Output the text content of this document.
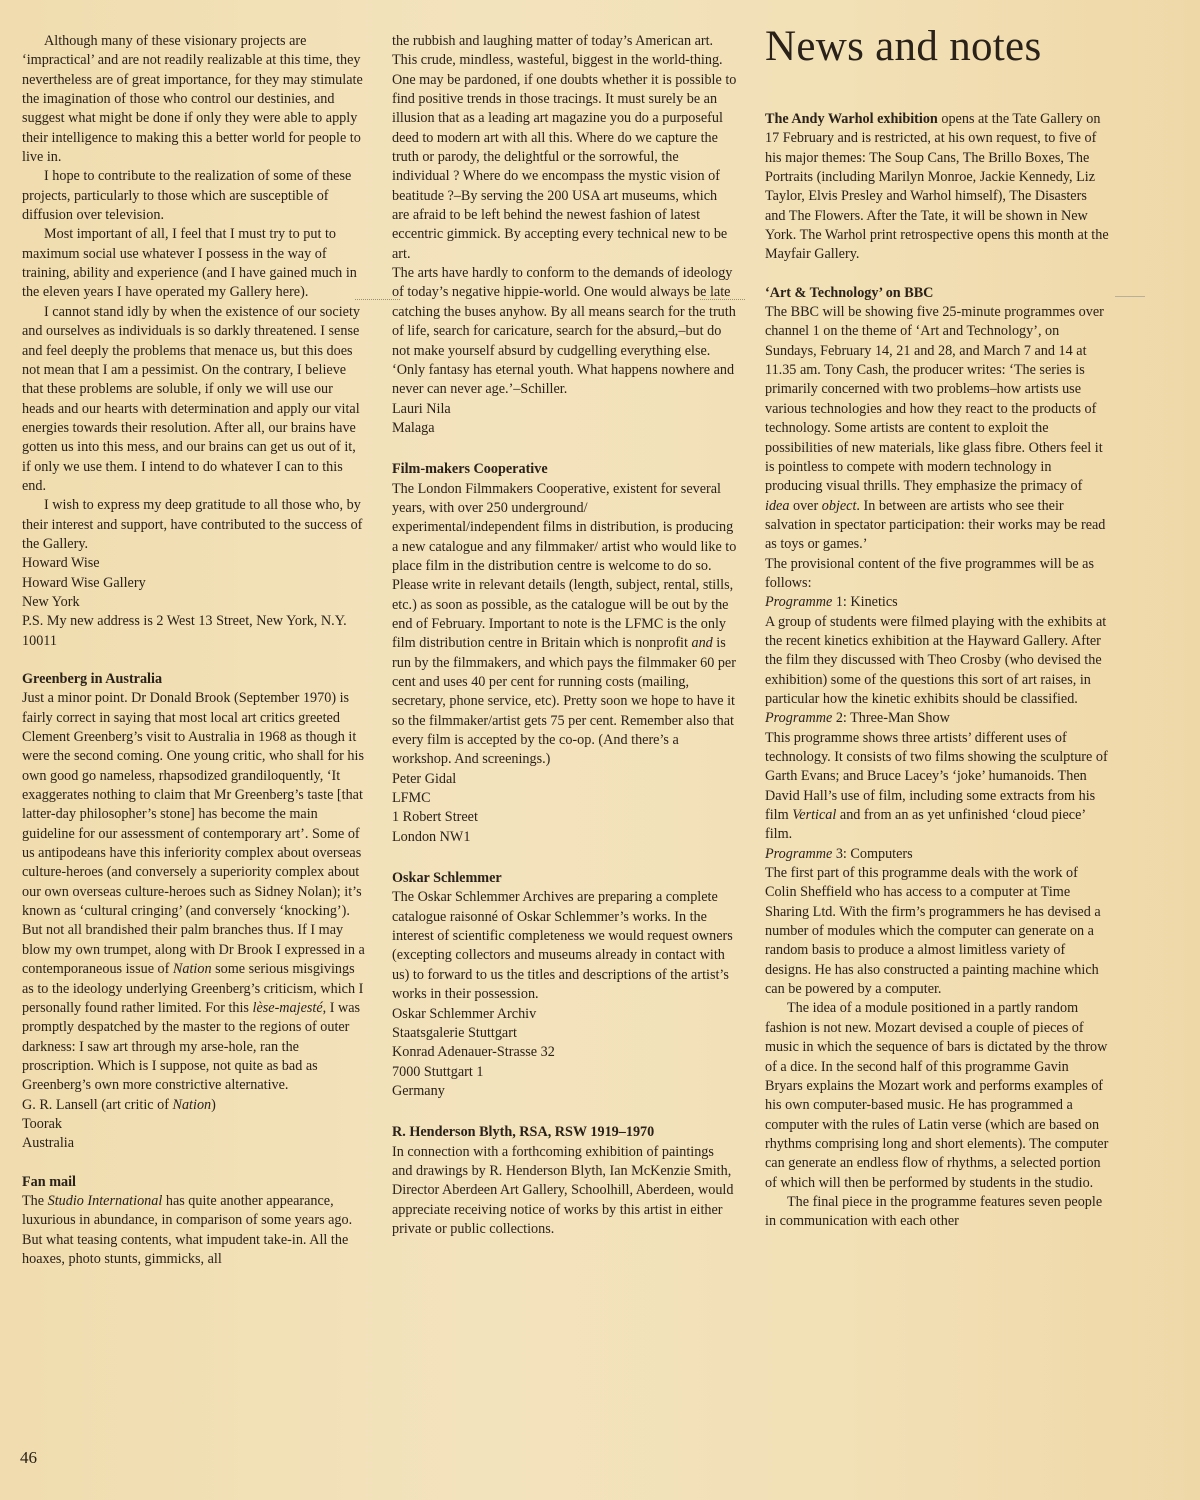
Although many of these visionary projects are ‘impractical’ and are not readily realizable at this time, they nevertheless are of great importance, for they may stimulate the imagination of those who control our destinies, and suggest what might be done if only they were able to apply their intelligence to making this a better world for people to live in.

I hope to contribute to the realization of some of these projects, particularly to those which are susceptible of diffusion over television.

Most important of all, I feel that I must try to put to maximum social use whatever I possess in the way of training, ability and experience (and I have gained much in the eleven years I have operated my Gallery here).

I cannot stand idly by when the existence of our society and ourselves as individuals is so darkly threatened. I sense and feel deeply the problems that menace us, but this does not mean that I am a pessimist. On the contrary, I believe that these problems are soluble, if only we will use our heads and our hearts with determination and apply our vital energies towards their resolution. After all, our brains have gotten us into this mess, and our brains can get us out of it, if only we use them. I intend to do whatever I can to this end.

I wish to express my deep gratitude to all those who, by their interest and support, have contributed to the success of the Gallery.

Howard Wise

Howard Wise Gallery

New York

P.S. My new address is 2 West 13 Street, New York, N.Y. 10011

Greenberg in Australia

Just a minor point. Dr Donald Brook (September 1970) is fairly correct in saying that most local art critics greeted Clement Greenberg’s visit to Australia in 1968 as though it were the second coming. One young critic, who shall for his own good go nameless, rhapsodized grandiloquently, ‘It exaggerates nothing to claim that Mr Greenberg’s taste [that latter-day philosopher’s stone] has become the main guideline for our assessment of contemporary art’. Some of us antipodeans have this inferiority complex about overseas culture-heroes (and conversely a superiority complex about our own overseas culture-heroes such as Sidney Nolan); it’s known as ‘cultural cringing’ (and conversely ‘knocking’). But not all brandished their palm branches thus. If I may blow my own trumpet, along with Dr Brook I expressed in a contemporaneous issue of Nation some serious misgivings as to the ideology underlying Greenberg’s criticism, which I personally found rather limited. For this lèse-majesté, I was promptly despatched by the master to the regions of outer darkness: I saw art through my arse-hole, ran the proscription. Which is I suppose, not quite as bad as Greenberg’s own more constrictive alternative.

G. R. Lansell (art critic of Nation)

Toorak

Australia

Fan mail

The Studio International has quite another appearance, luxurious in abundance, in comparison of some years ago.

But what teasing contents, what impudent take-in. All the hoaxes, photo stunts, gimmicks, all

the rubbish and laughing matter of today’s American art. This crude, mindless, wasteful, biggest in the world-thing. One may be pardoned, if one doubts whether it is possible to find positive trends in those tracings. It must surely be an illusion that as a leading art magazine you do a purposeful deed to modern art with all this. Where do we capture the truth or parody, the delightful or the sorrowful, the individual ? Where do we encompass the mystic vision of beatitude ?–By serving the 200 USA art museums, which are afraid to be left behind the newest fashion of latest eccentric gimmick. By accepting every technical new to be art.

The arts have hardly to conform to the demands of ideology of today’s negative hippie-world. One would always be late catching the buses anyhow. By all means search for the truth of life, search for caricature, search for the absurd,–but do not make yourself absurd by cudgelling everything else.

‘Only fantasy has eternal youth. What happens nowhere and never can never age.’–Schiller.

Lauri Nila

Malaga

Film-makers Cooperative

The London Filmmakers Cooperative, existent for several years, with over 250 underground/ experimental/independent films in distribution, is producing a new catalogue and any filmmaker/ artist who would like to place film in the distribution centre is welcome to do so. Please write in relevant details (length, subject, rental, stills, etc.) as soon as possible, as the catalogue will be out by the end of February. Important to note is the LFMC is the only film distribution centre in Britain which is nonprofit and is run by the filmmakers, and which pays the filmmaker 60 per cent and uses 40 per cent for running costs (mailing, secretary, phone service, etc). Pretty soon we hope to have it so the filmmaker/artist gets 75 per cent. Remember also that every film is accepted by the co-op. (And there’s a workshop. And screenings.)

Peter Gidal

LFMC

1 Robert Street

London NW1

Oskar Schlemmer

The Oskar Schlemmer Archives are preparing a complete catalogue raisonné of Oskar Schlemmer’s works. In the interest of scientific completeness we would request owners (excepting collectors and museums already in contact with us) to forward to us the titles and descriptions of the artist’s works in their possession.

Oskar Schlemmer Archiv

Staatsgalerie Stuttgart

Konrad Adenauer-Strasse 32

7000 Stuttgart 1

Germany

R. Henderson Blyth, RSA, RSW 1919–1970

In connection with a forthcoming exhibition of paintings and drawings by R. Henderson Blyth, Ian McKenzie Smith, Director Aberdeen Art Gallery, Schoolhill, Aberdeen, would appreciate receiving notice of works by this artist in either private or public collections.

News and notes

The Andy Warhol exhibition opens at the Tate Gallery on 17 February and is restricted, at his own request, to five of his major themes: The Soup Cans, The Brillo Boxes, The Portraits (including Marilyn Monroe, Jackie Kennedy, Liz Taylor, Elvis Presley and Warhol himself), The Disasters and The Flowers. After the Tate, it will be shown in New York. The Warhol print retrospective opens this month at the Mayfair Gallery.

‘Art & Technology’ on BBC

The BBC will be showing five 25-minute programmes over channel 1 on the theme of ‘Art and Technology’, on Sundays, February 14, 21 and 28, and March 7 and 14 at 11.35 am. Tony Cash, the producer writes: ‘The series is primarily concerned with two problems–how artists use various technologies and how they react to the products of technology. Some artists are content to exploit the possibilities of new materials, like glass fibre. Others feel it is pointless to compete with modern technology in producing visual thrills. They emphasize the primacy of idea over object. In between are artists who see their salvation in spectator participation: their works may be read as toys or games.’

The provisional content of the five programmes will be as follows:

Programme 1: Kinetics

A group of students were filmed playing with the exhibits at the recent kinetics exhibition at the Hayward Gallery. After the film they discussed with Theo Crosby (who devised the exhibition) some of the questions this sort of art raises, in particular how the kinetic exhibits should be classified.

Programme 2: Three-Man Show

This programme shows three artists’ different uses of technology. It consists of two films showing the sculpture of Garth Evans; and Bruce Lacey’s ‘joke’ humanoids. Then David Hall’s use of film, including some extracts from his film Vertical and from an as yet unfinished ‘cloud piece’ film.

Programme 3: Computers

The first part of this programme deals with the work of Colin Sheffield who has access to a computer at Time Sharing Ltd. With the firm’s programmers he has devised a number of modules which the computer can generate on a random basis to produce a almost limitless variety of designs. He has also constructed a painting machine which can be powered by a computer.

The idea of a module positioned in a partly random fashion is not new. Mozart devised a couple of pieces of music in which the sequence of bars is dictated by the throw of a dice. In the second half of this programme Gavin Bryars explains the Mozart work and performs examples of his own computer-based music. He has programmed a computer with the rules of Latin verse (which are based on rhythms comprising long and short elements). The computer can generate an endless flow of rhythms, a selected portion of which will then be performed by students in the studio.

The final piece in the programme features seven people in communication with each other

46
